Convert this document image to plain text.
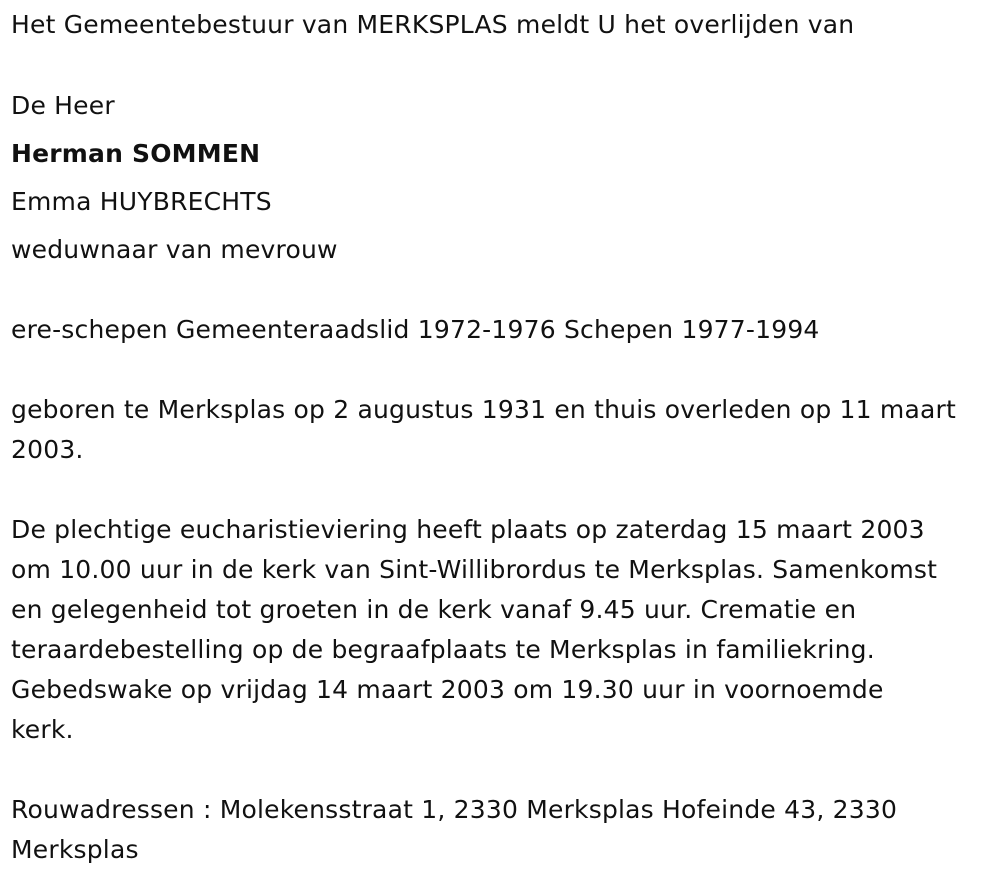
Het Gemeentebestuur van MERKSPLAS meldt U het overlijden van
De Heer
Herman SOMMEN
Emma HUYBRECHTS
weduwnaar van mevrouw
ere-schepen Gemeenteraadslid 1972-1976 Schepen 1977-1994
geboren te Merksplas op 2 augustus 1931 en thuis overleden op 11 maart
2003.
De plechtige eucharistieviering heeft plaats op zaterdag 15 maart 2003
om 10.00 uur in de kerk van Sint-Willibrordus te Merksplas. Samenkomst
en gelegenheid tot groeten in de kerk vanaf 9.45 uur. Crematie en
teraardebestelling op de begraafplaats te Merksplas in familiekring.
Gebedswake op vrijdag 14 maart 2003 om 19.30 uur in voornoemde
kerk.
Rouwadressen : Molekensstraat 1, 2330 Merksplas Hofeinde 43, 2330
Merksplas
